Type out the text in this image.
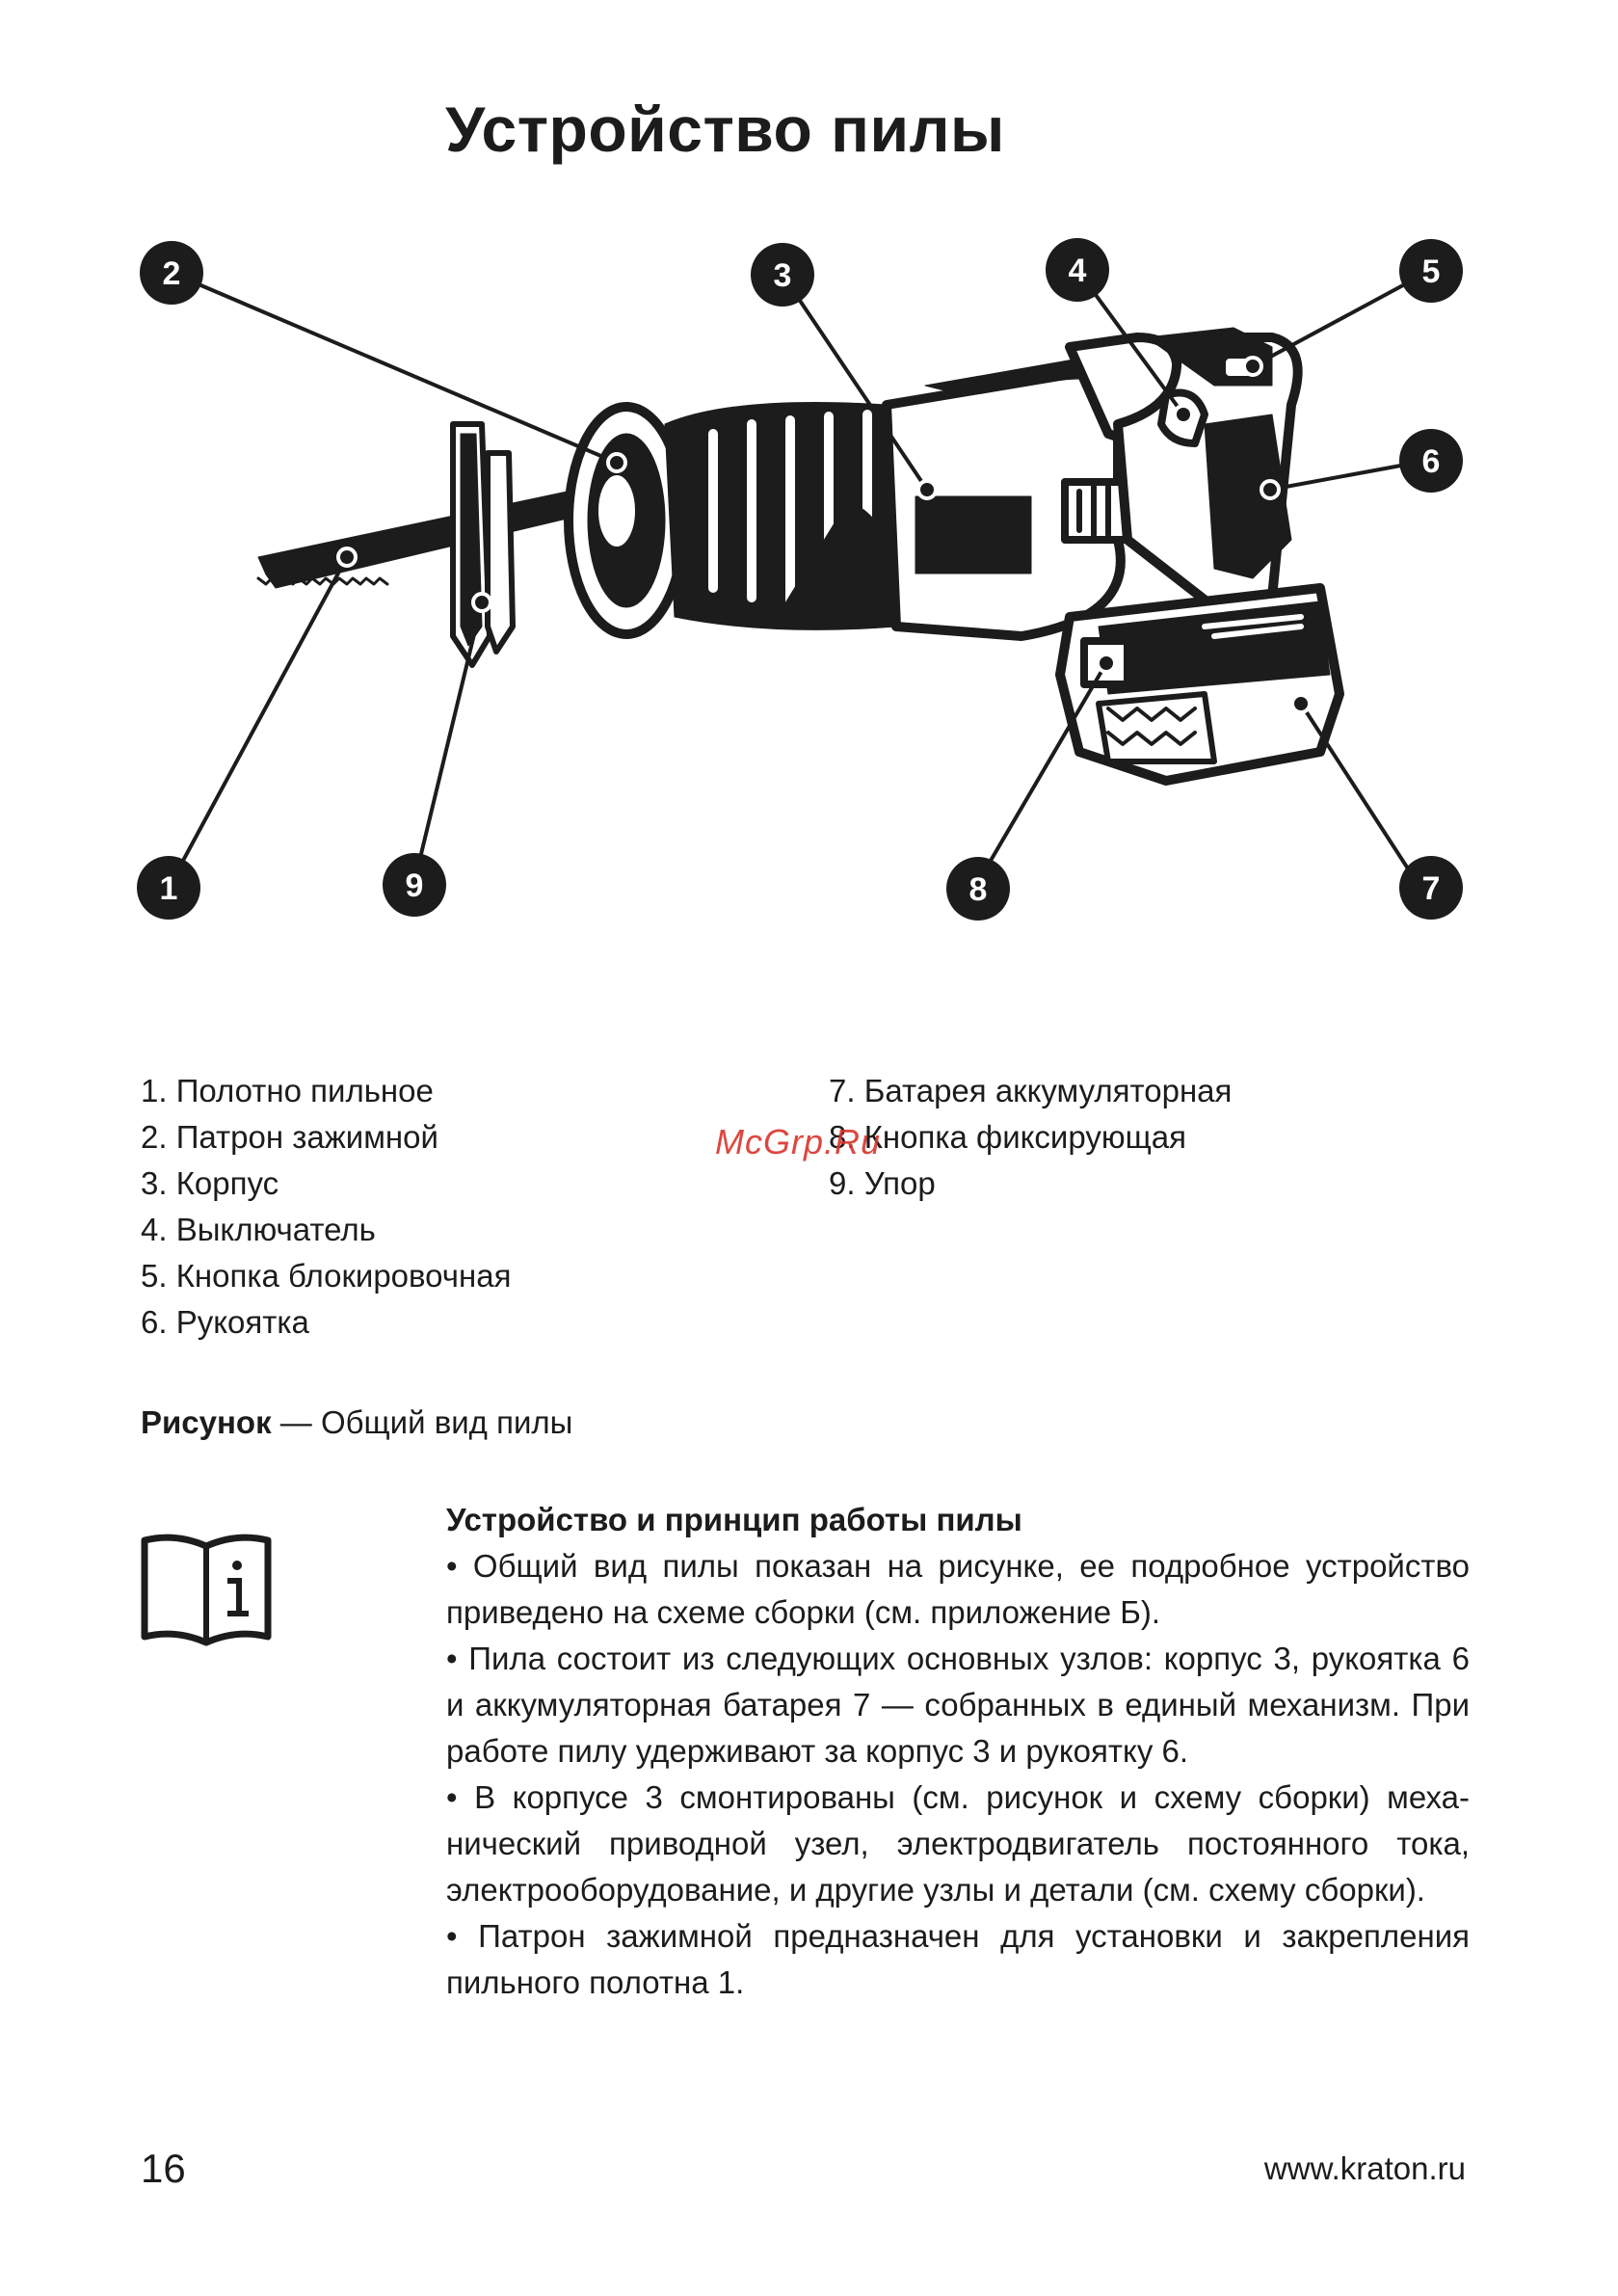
Устройство пилы
2	3	4	5
6
7
8
9
1
1. Полотно пильное
2. Патрон зажимной
3. Корпус
4. Выключатель
5. Кнопка блокировочная
6. Рукоятка
7. Батарея аккумуляторная
8. Кнопка фиксирующая
9. Упор
McGrp.Ru
Рисунок — Общий вид пилы
Устройство и принцип работы пилы

• Общий вид пилы показан на рисунке, ее подробное устройство приведено на схеме сборки (см. приложение Б).

• Пила состоит из следующих основных узлов: корпус 3, рукоятка 6 и аккумуляторная батарея 7 — собранных в единый механизм. При работе пилу удерживают за корпус 3 и рукоятку 6.

• В корпусе 3 смонтированы (см. рисунок и схему сборки) механический приводной узел, электродвигатель постоянного тока, электрооборудование, и другие узлы и детали (см. схему сборки).

• Патрон зажимной предназначен для установки и закрепления пильного полотна 1.

16	www.kraton.ru
